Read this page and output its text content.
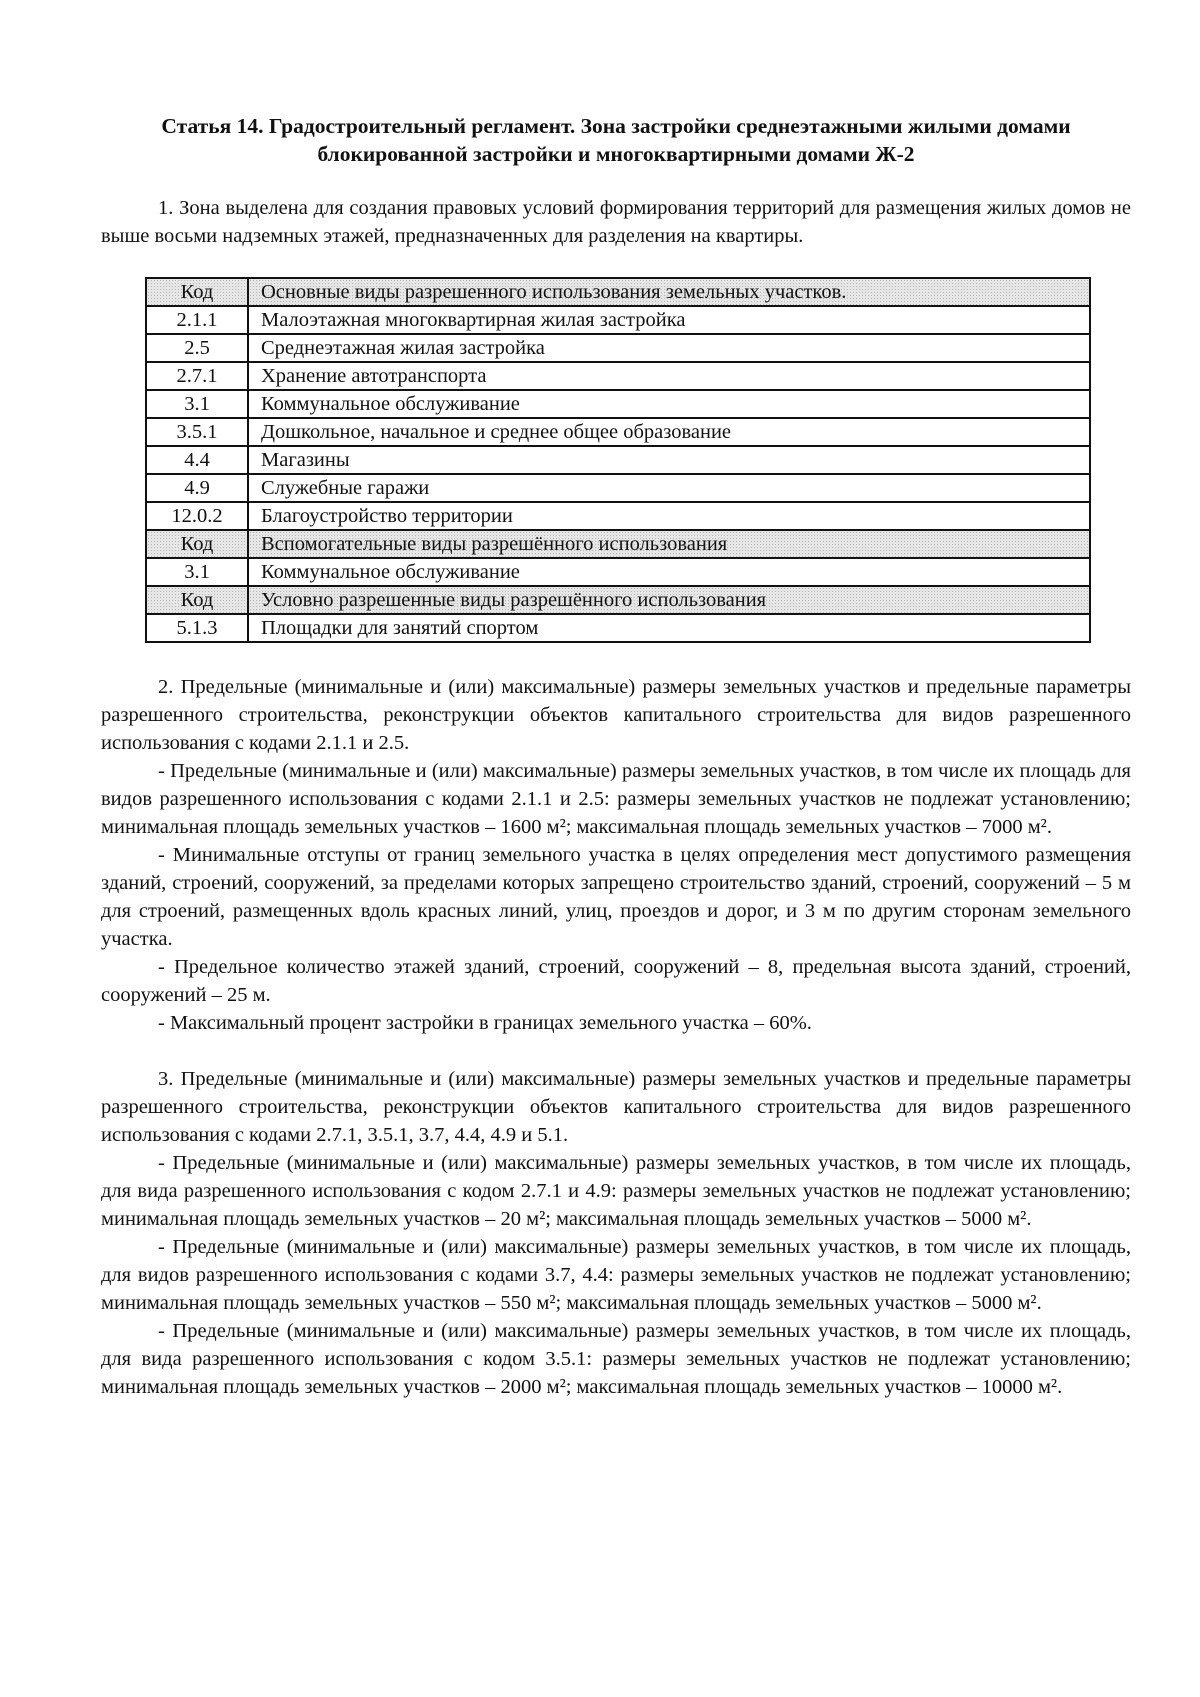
Статья 14. Градостроительный регламент. Зона застройки среднеэтажными жилыми домами
блокированной застройки и многоквартирными домами Ж-2

1. Зона выделена для создания правовых условий формирования территорий для размещения жилых домов не выше восьми надземных этажей, предназначенных для разделения на квартиры.

Код	Основные виды разрешенного использования земельных участков.
2.1.1	Малоэтажная многоквартирная жилая застройка
2.5	Среднеэтажная жилая застройка
2.7.1	Хранение автотранспорта
3.1	Коммунальное обслуживание
3.5.1	Дошкольное, начальное и среднее общее образование
4.4	Магазины
4.9	Служебные гаражи
12.0.2	Благоустройство территории
Код	Вспомогательные виды разрешённого использования
3.1	Коммунальное обслуживание
Код	Условно разрешенные виды разрешённого использования
5.1.3	Площадки для занятий спортом

2. Предельные (минимальные и (или) максимальные) размеры земельных участков и предельные параметры разрешенного строительства, реконструкции объектов капитального строительства для видов разрешенного использования с кодами 2.1.1 и 2.5.

- Предельные (минимальные и (или) максимальные) размеры земельных участков, в том числе их площадь для видов разрешенного использования с кодами 2.1.1 и 2.5: размеры земельных участков не подлежат установлению; минимальная площадь земельных участков – 1600 м²; максимальная площадь земельных участков – 7000 м².

- Минимальные отступы от границ земельного участка в целях определения мест допустимого размещения зданий, строений, сооружений, за пределами которых запрещено строительство зданий, строений, сооружений – 5 м для строений, размещенных вдоль красных линий, улиц, проездов и дорог, и 3 м по другим сторонам земельного участка.

- Предельное количество этажей зданий, строений, сооружений – 8, предельная высота зданий, строений, сооружений – 25 м.

- Максимальный процент застройки в границах земельного участка – 60%.

3. Предельные (минимальные и (или) максимальные) размеры земельных участков и предельные параметры разрешенного строительства, реконструкции объектов капитального строительства для видов разрешенного использования с кодами 2.7.1, 3.5.1, 3.7, 4.4, 4.9 и 5.1.

- Предельные (минимальные и (или) максимальные) размеры земельных участков, в том числе их площадь, для вида разрешенного использования с кодом 2.7.1 и 4.9: размеры земельных участков не подлежат установлению; минимальная площадь земельных участков – 20 м²; максимальная площадь земельных участков – 5000 м².

- Предельные (минимальные и (или) максимальные) размеры земельных участков, в том числе их площадь, для видов разрешенного использования с кодами 3.7, 4.4: размеры земельных участков не подлежат установлению; минимальная площадь земельных участков – 550 м²; максимальная площадь земельных участков – 5000 м².

- Предельные (минимальные и (или) максимальные) размеры земельных участков, в том числе их площадь, для вида разрешенного использования с кодом 3.5.1: размеры земельных участков не подлежат установлению; минимальная площадь земельных участков – 2000 м²; максимальная площадь земельных участков – 10000 м².
